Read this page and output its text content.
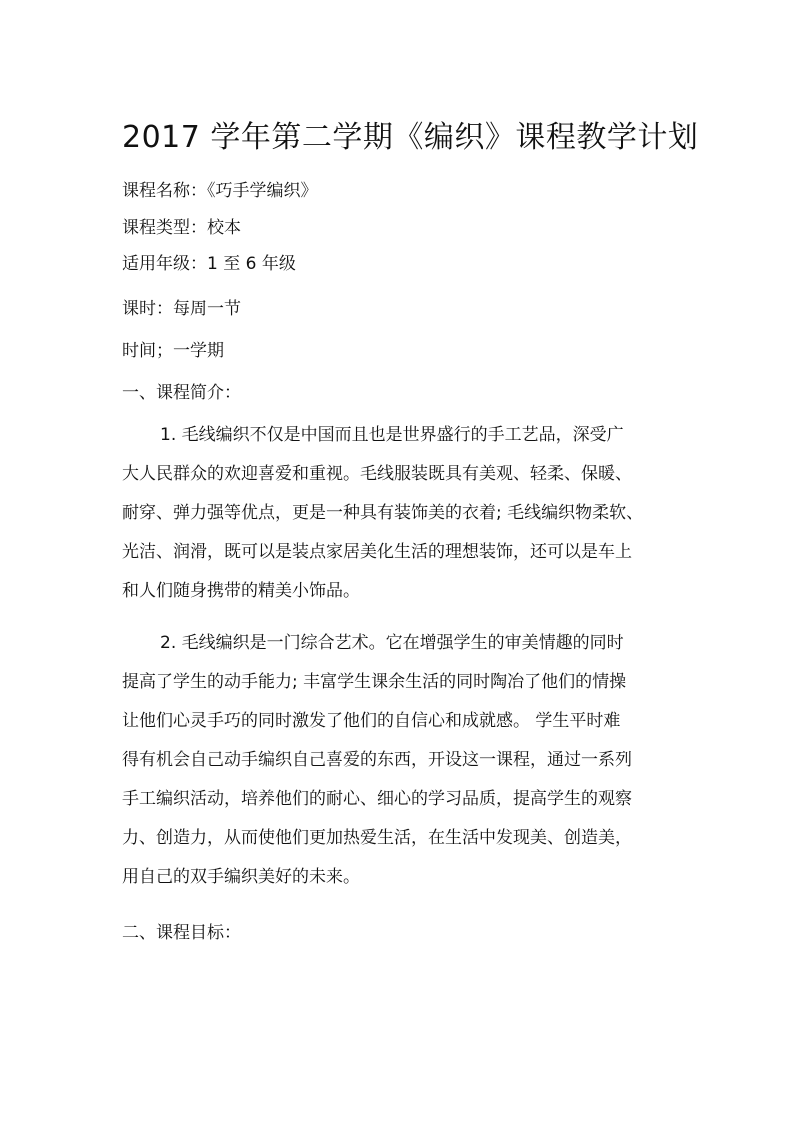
2017 学年第二学期《编织》课程教学计划
课程名称：《巧手学编织》
课程类型：校本
适用年级：1 至 6 年级
课时：每周一节
时间；一学期
一、课程简介：
1. 毛线编织不仅是中国而且也是世界盛行的手工艺品，深受广
大人民群众的欢迎喜爱和重视。毛线服装既具有美观、轻柔、保暖、
耐穿、弹力强等优点，更是一种具有装饰美的衣着; 毛线编织物柔软、
光洁、润滑，既可以是装点家居美化生活的理想装饰，还可以是车上
和人们随身携带的精美小饰品。
2. 毛线编织是一门综合艺术。它在增强学生的审美情趣的同时
提高了学生的动手能力; 丰富学生课余生活的同时陶冶了他们的情操
让他们心灵手巧的同时激发了他们的自信心和成就感。 学生平时难
得有机会自己动手编织自己喜爱的东西，开设这一课程，通过一系列
手工编织活动，培养他们的耐心、细心的学习品质，提高学生的观察
力、创造力，从而使他们更加热爱生活，在生活中发现美、创造美，
用自己的双手编织美好的未来。
二、课程目标：
